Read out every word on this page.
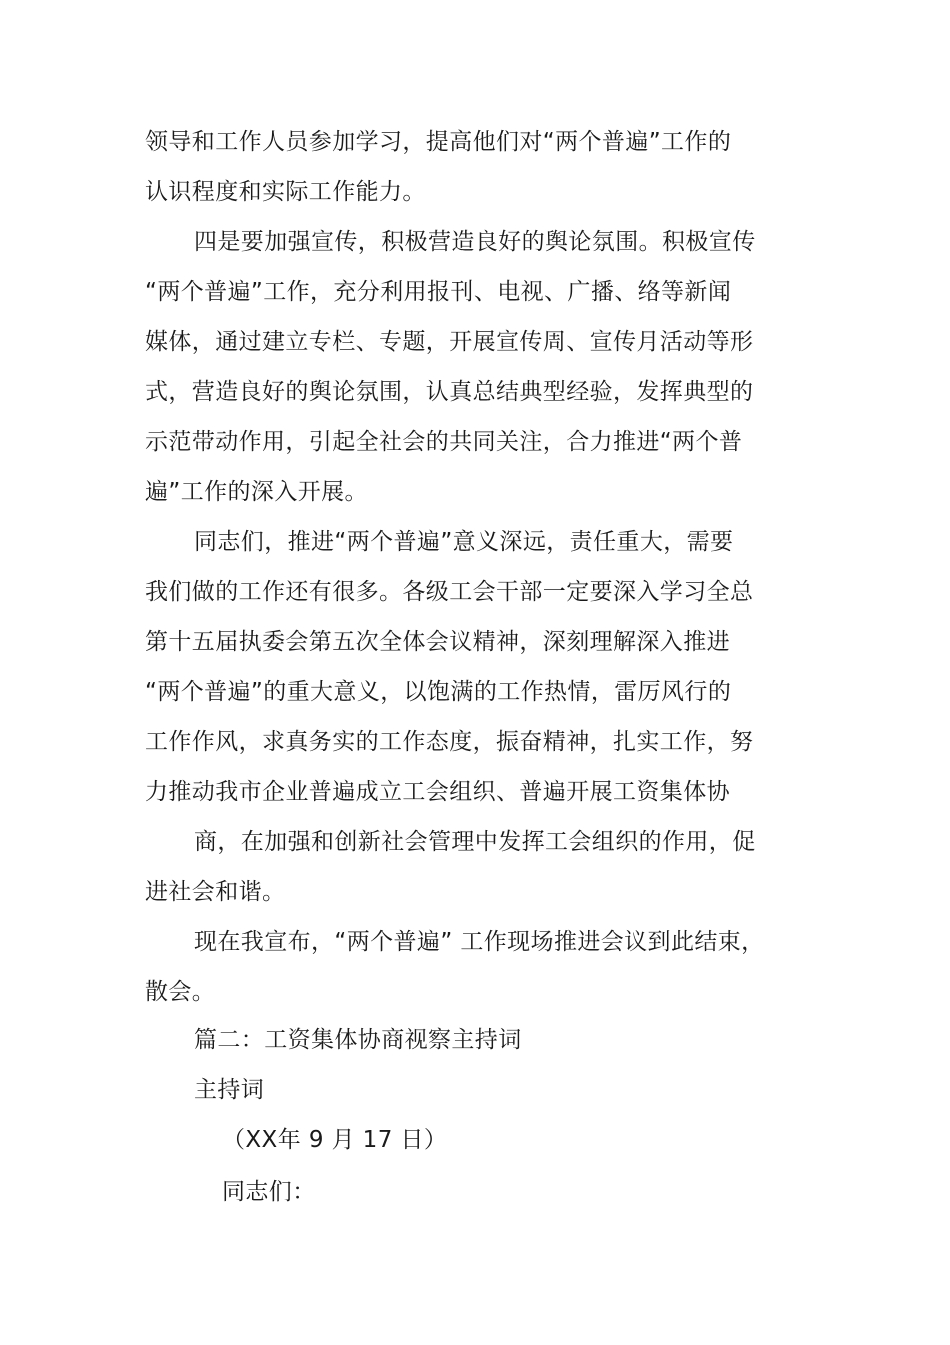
领导和工作人员参加学习，提高他们对“两个普遍”工作的
认识程度和实际工作能力。
四是要加强宣传，积极营造良好的舆论氛围。积极宣传
“两个普遍”工作，充分利用报刊、电视、广播、络等新闻
媒体，通过建立专栏、专题，开展宣传周、宣传月活动等形
式，营造良好的舆论氛围，认真总结典型经验，发挥典型的
示范带动作用，引起全社会的共同关注，合力推进“两个普
遍”工作的深入开展。
同志们，推进“两个普遍”意义深远，责任重大，需要
我们做的工作还有很多。各级工会干部一定要深入学习全总
第十五届执委会第五次全体会议精神，深刻理解深入推进
“两个普遍”的重大意义，以饱满的工作热情，雷厉风行的
工作作风，求真务实的工作态度，振奋精神，扎实工作，努
力推动我市企业普遍成立工会组织、普遍开展工资集体协
商，在加强和创新社会管理中发挥工会组织的作用，促
进社会和谐。
现在我宣布，“两个普遍” 工作现场推进会议到此结束，
散会。
篇二：工资集体协商视察主持词
主持词
（XX年 9 月 17 日）
同志们：
